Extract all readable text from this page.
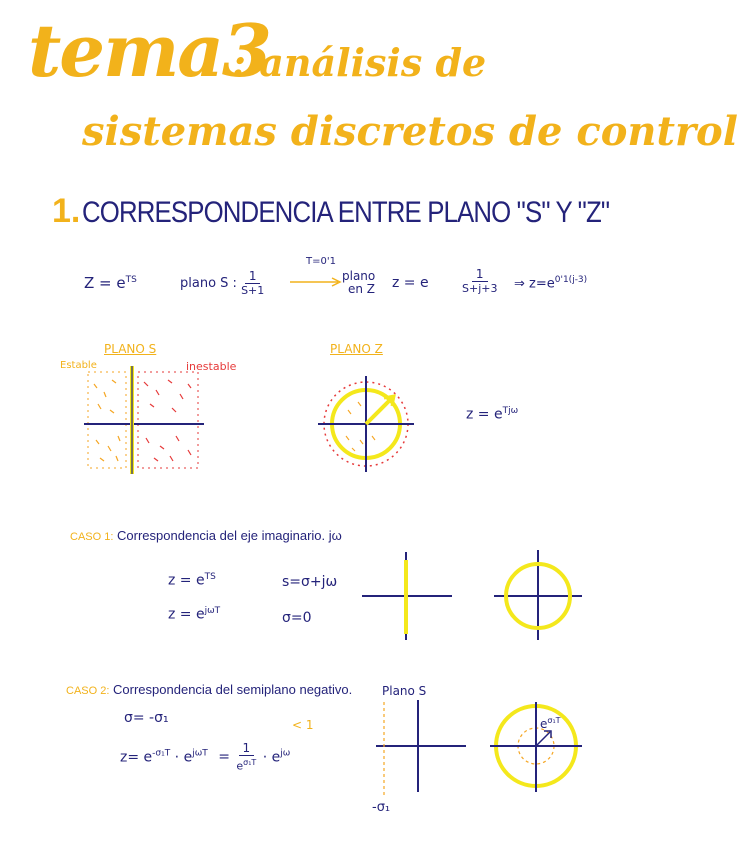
tema3
: análisis de
sistemas discretos de control
1. CORRESPONDENCIA ENTRE PLANO "S" Y "Z"
$Z = e^{TS}$	plano S : $\frac{1}{S+1}$
T=0'1
plano
en Z z = e	$\frac{1}{S+j+3}$ ⇒ $z=e^{0'1(j-3)}$
PLANO S
Estable	inestable
PLANO Z
$z = e^{Tj\omega}$
CASO 1: Correspondencia del eje imaginario. jω
$z = e^{TS}$
$z = e^{j\omega T}$
s=σ+jω
σ=0
CASO 2: Correspondencia del semiplano negativo.
σ= -σ₁
$z= e^{-\sigma_1T} \cdot e^{j\omega T} = \frac{1}{e^{\sigma_1T}} \cdot e^{j\omega}$
< 1
Plano S
-σ₁
$e^{\sigma_1T}$
